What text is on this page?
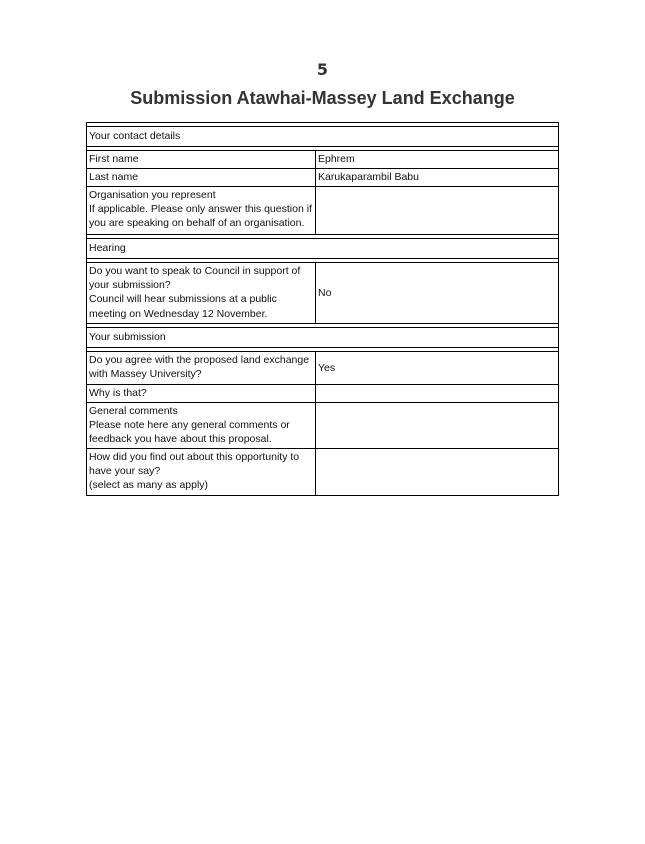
5
Submission Atawhai-Massey Land Exchange
Your contact details
First name	Ephrem
Last name	Karukaparambil Babu
Organisation you represent
If applicable. Please only answer this question if
you are speaking on behalf of an organisation.
Hearing
Do you want to speak to Council in support of
your submission?
Council will hear submissions at a public
meeting on Wednesday 12 November.
No
Your submission
Do you agree with the proposed land exchange
with Massey University?
Yes
Why is that?
General comments
Please note here any general comments or
feedback you have about this proposal.
How did you find out about this opportunity to
have your say?
(select as many as apply)
